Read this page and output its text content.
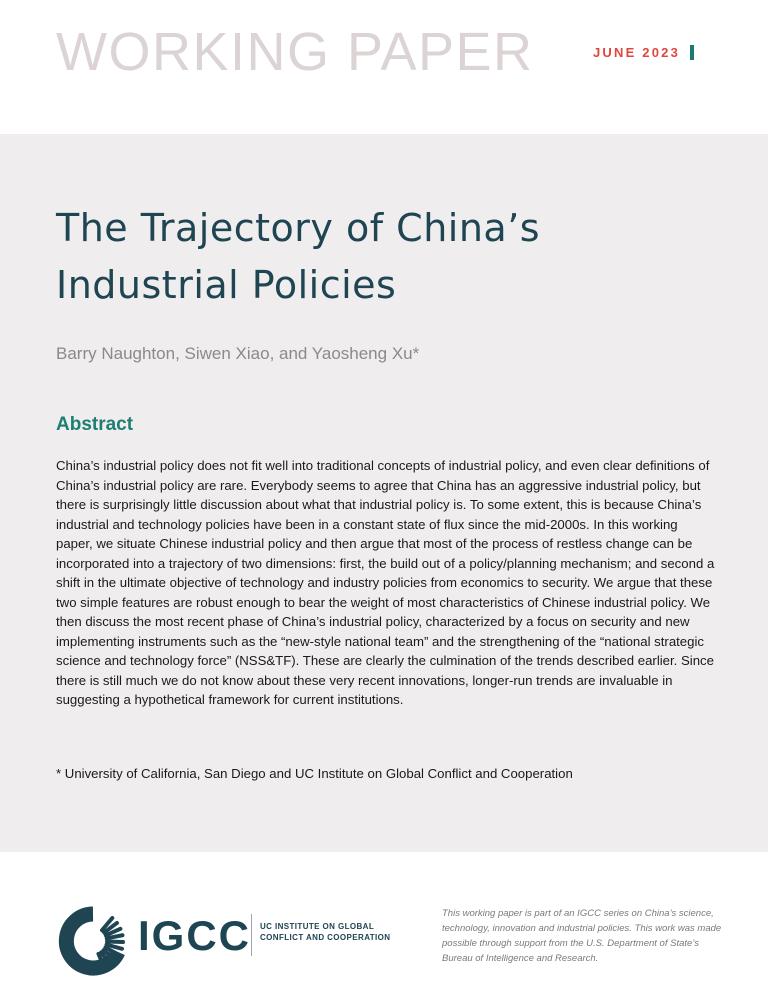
WORKING PAPER	JUNE 2023
The Trajectory of China’s Industrial Policies
Barry Naughton, Siwen Xiao, and Yaosheng Xu*
Abstract

China’s industrial policy does not fit well into traditional concepts of industrial policy, and even clear definitions of China’s industrial policy are rare. Everybody seems to agree that China has an aggressive industrial policy, but there is surprisingly little discussion about what that industrial policy is. To some extent, this is because China’s industrial and technology policies have been in a constant state of flux since the mid-2000s. In this working paper, we situate Chinese industrial policy and then argue that most of the process of restless change can be incorporated into a trajectory of two dimensions: first, the build out of a policy/planning mechanism; and second a shift in the ultimate objective of technology and industry policies from economics to security. We argue that these two simple features are robust enough to bear the weight of most characteristics of Chinese industrial policy. We then discuss the most recent phase of China’s industrial policy, characterized by a focus on security and new implementing instruments such as the “new-style national team” and the strengthening of the “national strategic science and technology force” (NSS&TF). These are clearly the culmination of the trends described earlier. Since there is still much we do not know about these very recent innovations, longer-run trends are invaluable in suggesting a hypothetical framework for current institutions.

* University of California, San Diego and UC Institute on Global Conflict and Cooperation

IGCC UC INSTITUTE ON GLOBAL
CONFLICT AND COOPERATION
This working paper is part of an IGCC series on China’s science, technology, innovation and industrial policies. This work was made possible through support from the U.S. Department of State’s Bureau of Intelligence and Research.
